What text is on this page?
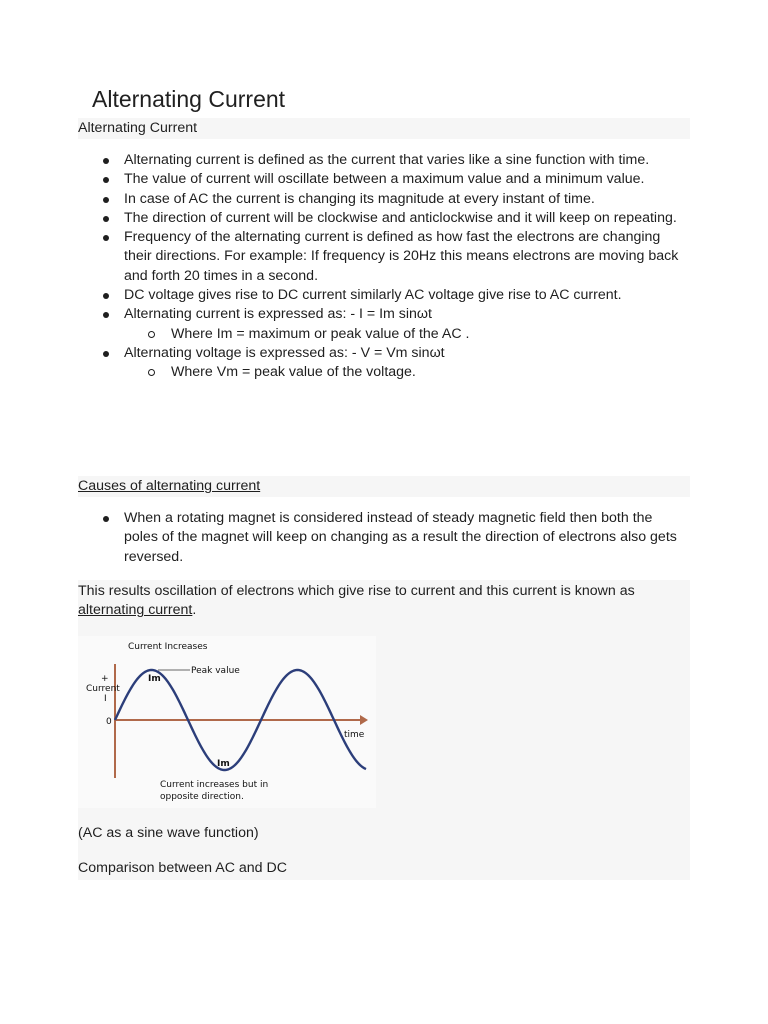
Alternating Current
Alternating Current
Alternating current is defined as the current that varies like a sine function with time.
The value of current will oscillate between a maximum value and a minimum value.
In case of AC the current is changing its magnitude at every instant of time.
The direction of current will be clockwise and anticlockwise and it will keep on repeating.
Frequency of the alternating current is defined as how fast the electrons are changing their directions. For example: If frequency is 20Hz this means electrons are moving back and forth 20 times in a second.
DC voltage gives rise to DC current similarly AC voltage give rise to AC current.
Alternating current is expressed as: - I = Im sinωt
Where Im = maximum or peak value of the AC .
Alternating voltage is expressed as: - V = Vm sinωt
Where Vm = peak value of the voltage.
Causes of alternating current
When a rotating magnet is considered instead of steady magnetic field then both the poles of the magnet will keep on changing as a result the direction of electrons also gets reversed.
This results oscillation of electrons which give rise to current and this current is known as alternating current.
Current Increases
Peak value
Im
+
Current
I
0
time
Im
Current increases but in
opposite direction.
(AC as a sine wave function)
Comparison between AC and DC
